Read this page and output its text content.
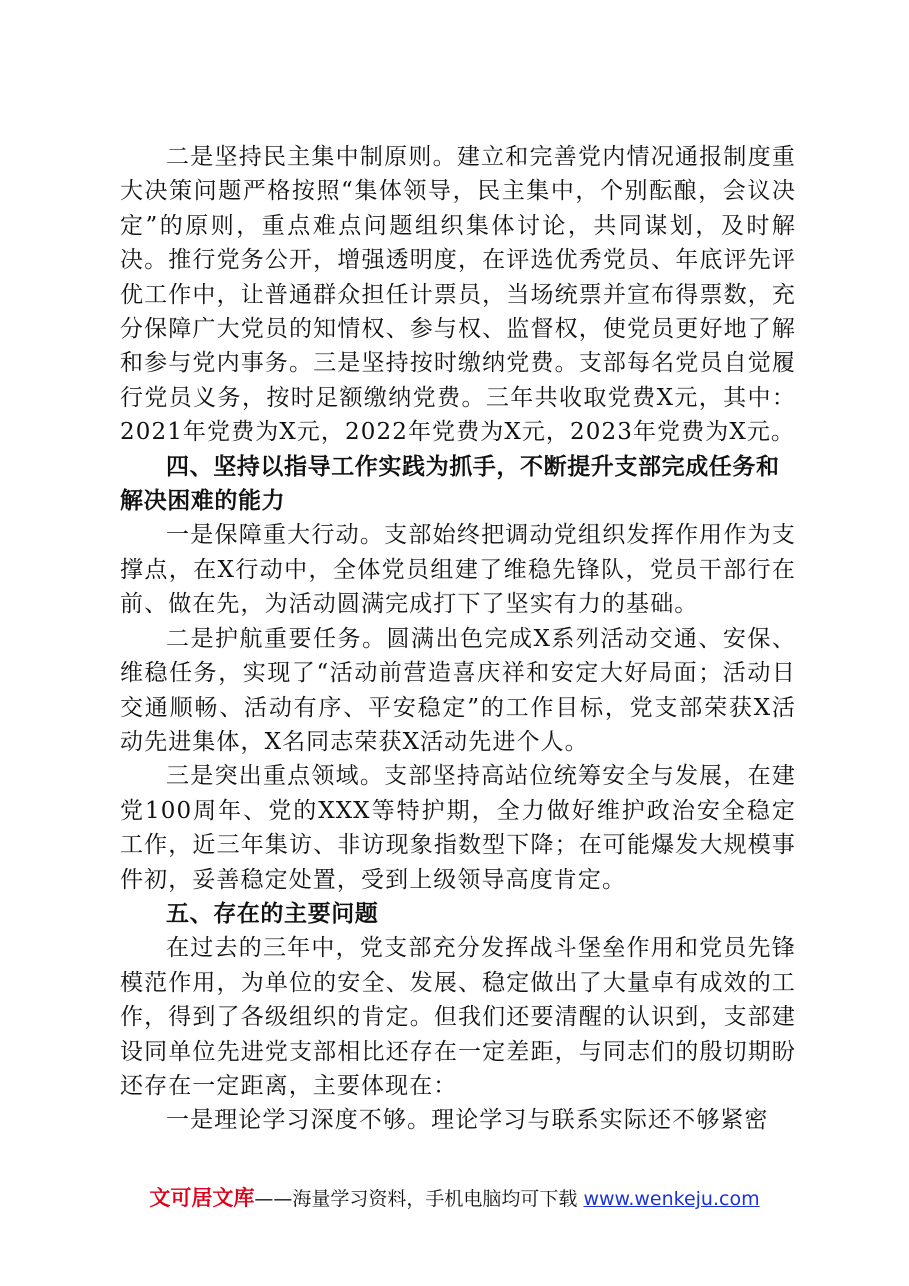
二是坚持民主集中制原则。建立和完善党内情况通报制度重大决策问题严格按照“集体领导，民主集中，个别酝酿，会议决定”的原则，重点难点问题组织集体讨论，共同谋划，及时解决。推行党务公开，增强透明度，在评选优秀党员、年底评先评优工作中，让普通群众担任计票员，当场统票并宣布得票数，充分保障广大党员的知情权、参与权、监督权，使党员更好地了解和参与党内事务。三是坚持按时缴纳党费。支部每名党员自觉履行党员义务，按时足额缴纳党费。三年共收取党费X元，其中：2021年党费为X元，2022年党费为X元，2023年党费为X元。

四、坚持以指导工作实践为抓手，不断提升支部完成任务和解决困难的能力

一是保障重大行动。支部始终把调动党组织发挥作用作为支撑点，在X行动中，全体党员组建了维稳先锋队，党员干部行在前、做在先，为活动圆满完成打下了坚实有力的基础。

二是护航重要任务。圆满出色完成X系列活动交通、安保、维稳任务，实现了“活动前营造喜庆祥和安定大好局面；活动日交通顺畅、活动有序、平安稳定”的工作目标，党支部荣获X活动先进集体，X名同志荣获X活动先进个人。

三是突出重点领域。支部坚持高站位统筹安全与发展，在建党100周年、党的XXX等特护期，全力做好维护政治安全稳定工作，近三年集访、非访现象指数型下降；在可能爆发大规模事件初，妥善稳定处置，受到上级领导高度肯定。

五、存在的主要问题

在过去的三年中，党支部充分发挥战斗堡垒作用和党员先锋模范作用，为单位的安全、发展、稳定做出了大量卓有成效的工作，得到了各级组织的肯定。但我们还要清醒的认识到，支部建设同单位先进党支部相比还存在一定差距，与同志们的殷切期盼还存在一定距离，主要体现在：

一是理论学习深度不够。理论学习与联系实际还不够紧密

文可居文库——海量学习资料，手机电脑均可下载 www.wenkeju.com
